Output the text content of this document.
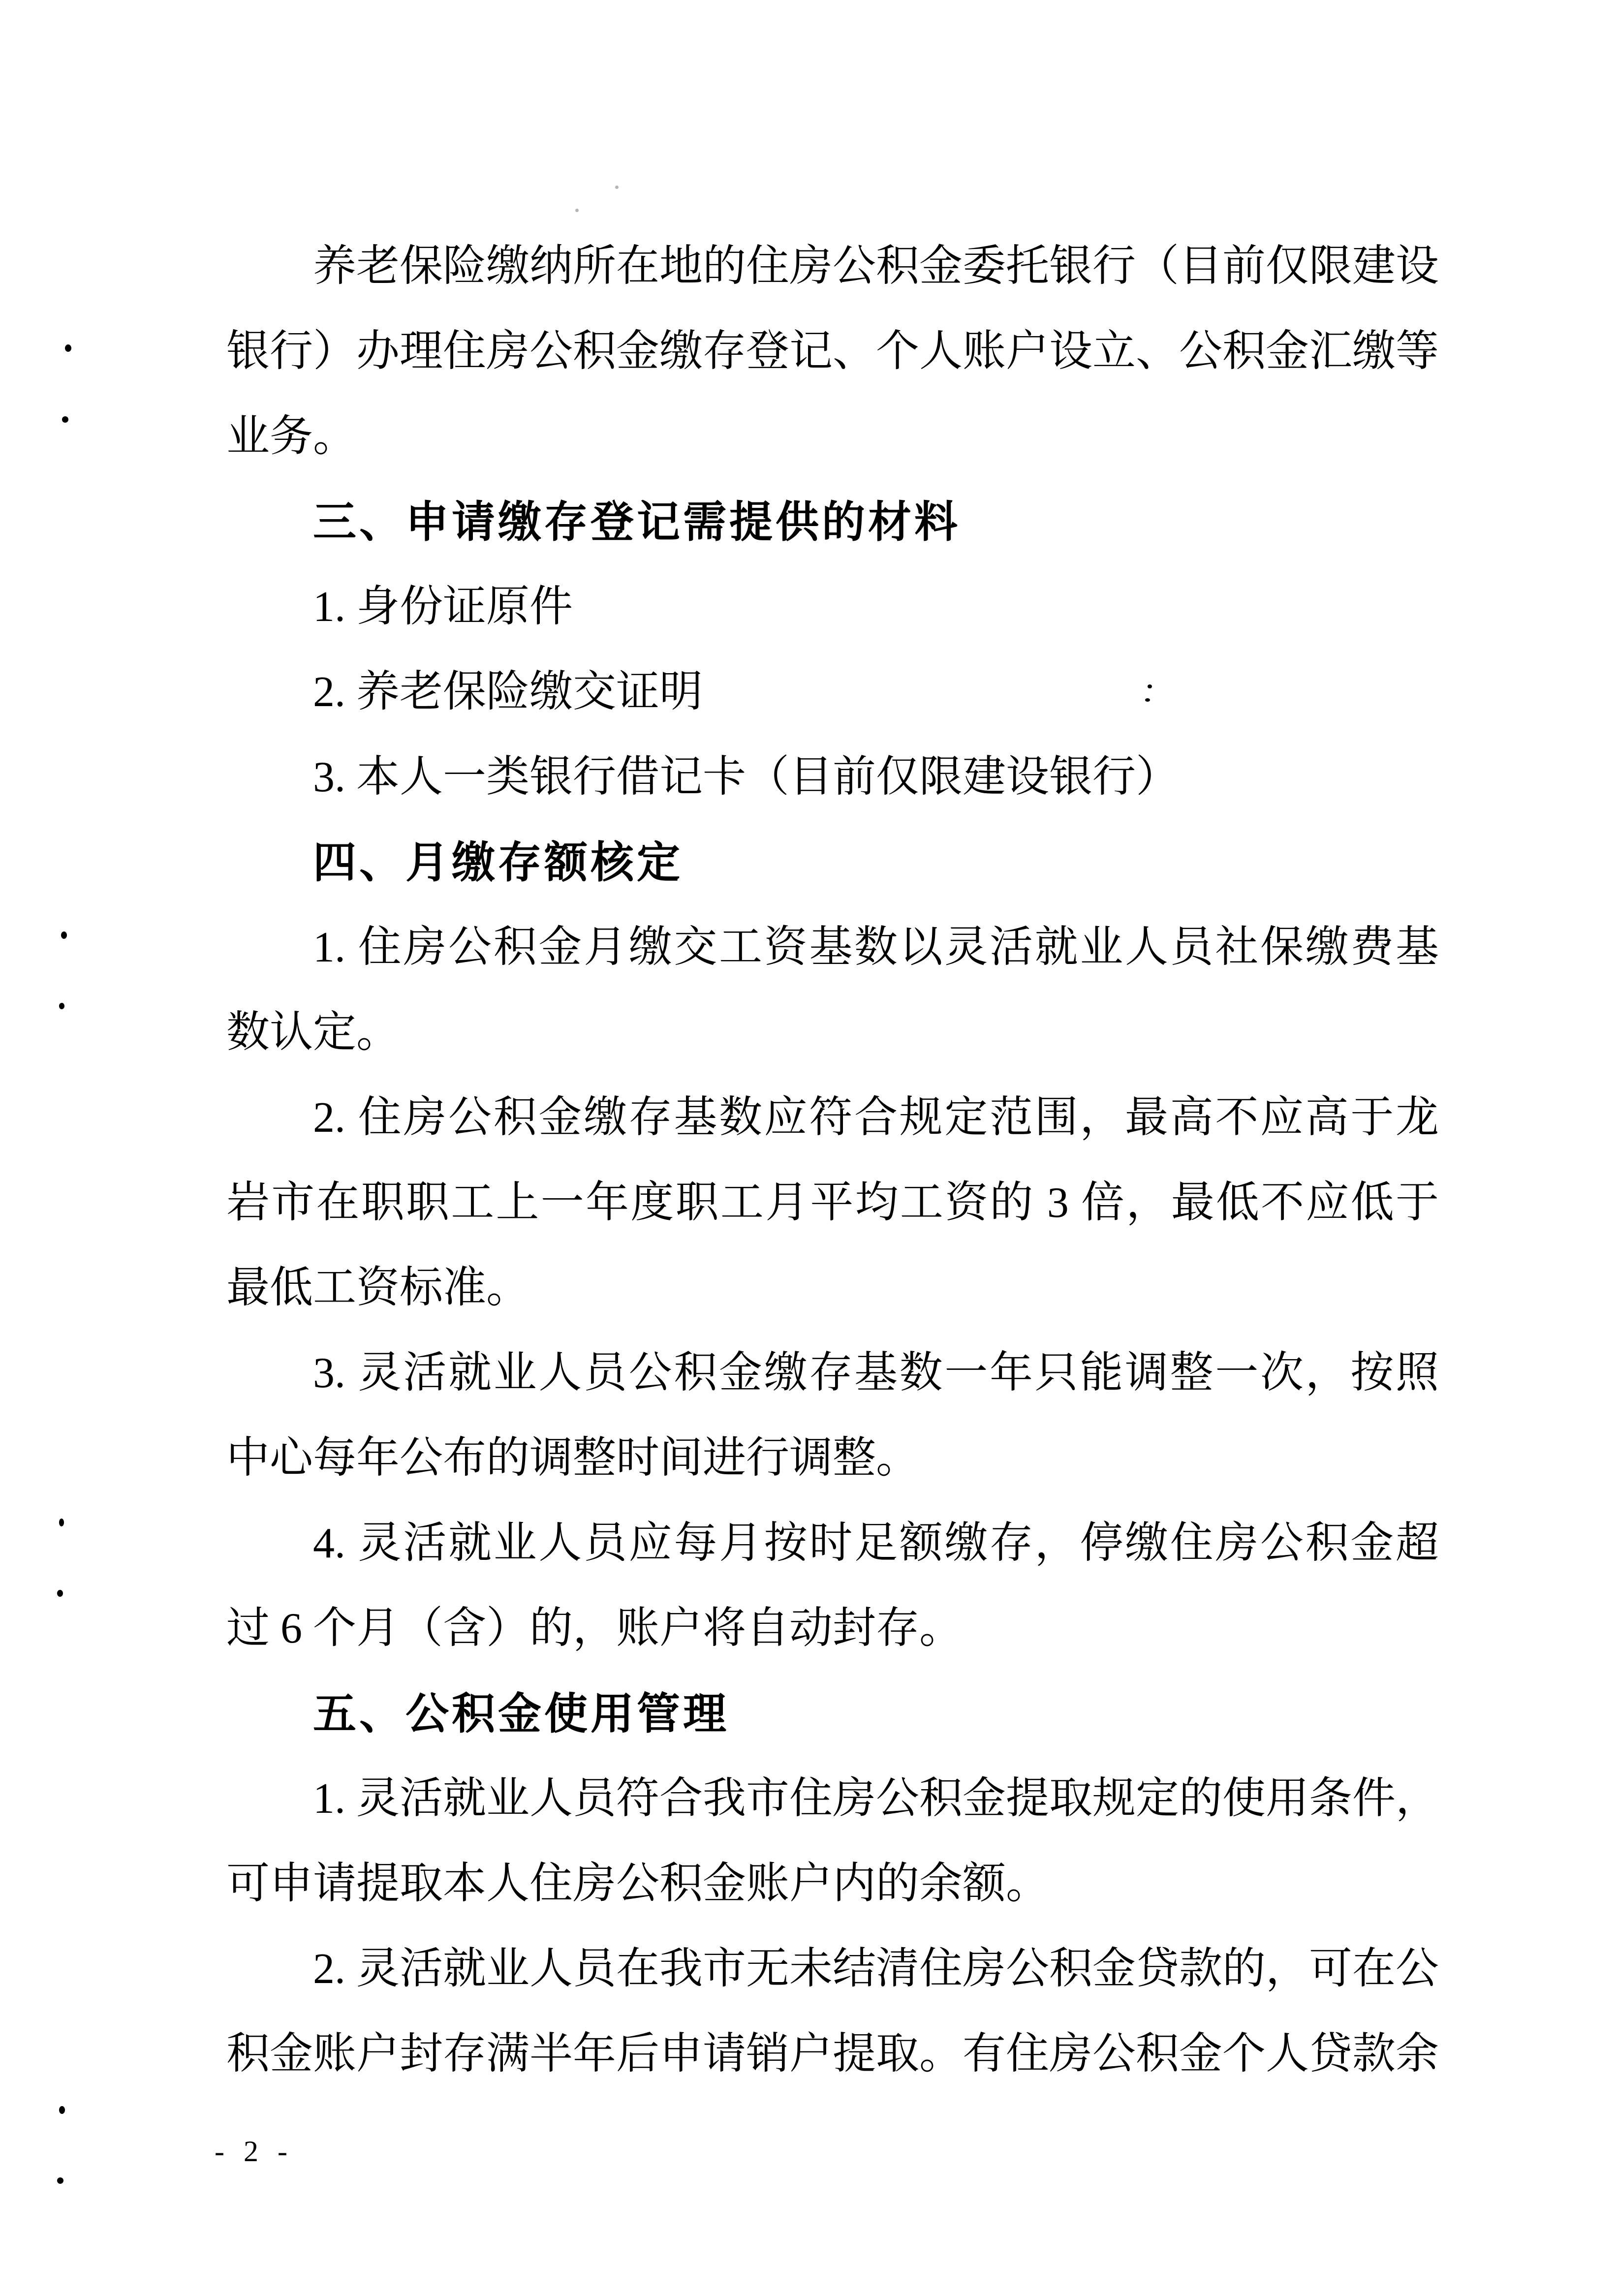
养老保险缴纳所在地的住房公积金委托银行（目前仅限建设
银行）办理住房公积金缴存登记、个人账户设立、公积金汇缴等
业务。
三、申请缴存登记需提供的材料
1. 身份证原件
2. 养老保险缴交证明
3. 本人一类银行借记卡（目前仅限建设银行）
四、月缴存额核定
1. 住房公积金月缴交工资基数以灵活就业人员社保缴费基
数认定。
2. 住房公积金缴存基数应符合规定范围，最高不应高于龙
岩市在职职工上一年度职工月平均工资的 3 倍，最低不应低于
最低工资标准。
3. 灵活就业人员公积金缴存基数一年只能调整一次，按照
中心每年公布的调整时间进行调整。
4. 灵活就业人员应每月按时足额缴存，停缴住房公积金超
过 6 个月（含）的，账户将自动封存。
五、公积金使用管理
1. 灵活就业人员符合我市住房公积金提取规定的使用条件，
可申请提取本人住房公积金账户内的余额。
2. 灵活就业人员在我市无未结清住房公积金贷款的，可在公
积金账户封存满半年后申请销户提取。有住房公积金个人贷款余
- 2 -
